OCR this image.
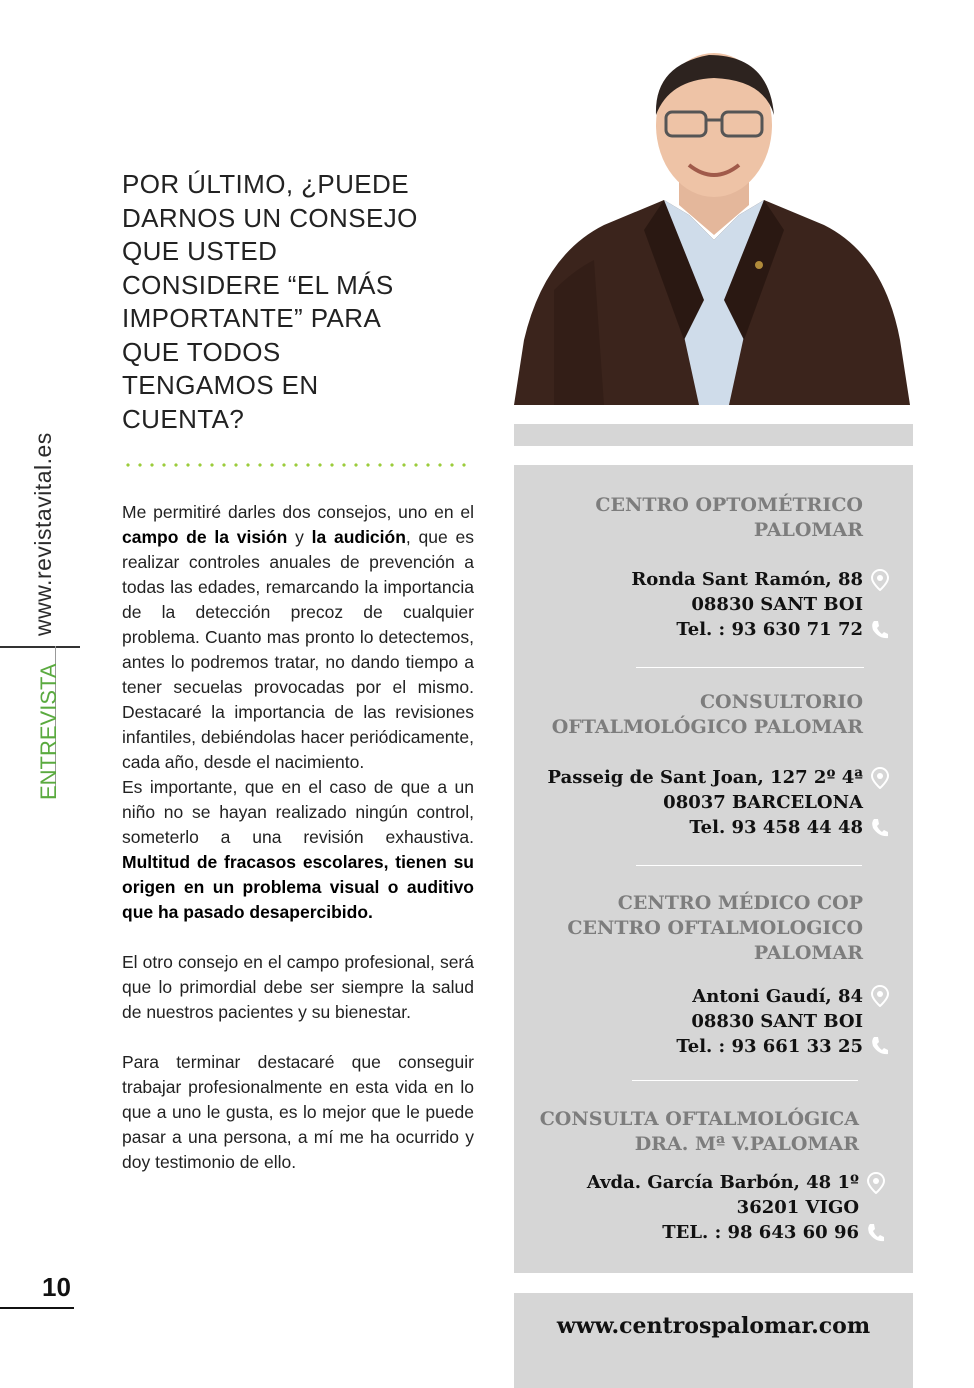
www.revistavital.es
ENTREVISTA
10
POR ÚLTIMO, ¿PUEDE
DARNOS UN CONSEJO
QUE USTED
CONSIDERE “EL MÁS
IMPORTANTE” PARA
QUE TODOS
TENGAMOS EN
CUENTA?

Me permitiré darles dos consejos, uno en el campo de la visión y la audición, que es realizar controles anuales de prevención a todas las edades, remarcando la importancia de la detección precoz de cualquier problema. Cuanto mas pronto lo detectemos, antes lo podremos tratar, no dando tiempo a tener secuelas provocadas por el mismo. Destacaré la importancia de las revisiones infantiles, debiéndolas hacer periódicamente, cada año, desde el nacimiento.

Es importante, que en el caso de que a un niño no se hayan realizado ningún control, someterlo a una revisión exhaustiva. Multitud de fracasos escolares, tienen su origen en un problema visual o auditivo que ha pasado desapercibido.

El otro consejo en el campo profesional, será que lo primordial debe ser siempre la salud de nuestros pacientes y su bienestar.

Para terminar destacaré que conseguir trabajar profesionalmente en esta vida en lo que a uno le gusta, es lo mejor que le puede pasar a una persona, a mí me ha ocurrido y doy testimonio de ello.

CENTRO OPTOMÉTRICO
PALOMAR
Ronda Sant Ramón, 88
08830 SANT BOI
Tel. : 93 630 71 72
CONSULTORIO
OFTALMOLÓGICO PALOMAR
Passeig de Sant Joan, 127 2º 4ª
08037 BARCELONA
Tel. 93 458 44 48
CENTRO MÉDICO COP
CENTRO OFTALMOLOGICO
PALOMAR
Antoni Gaudí, 84
08830 SANT BOI
Tel. : 93 661 33 25
CONSULTA OFTALMOLÓGICA
DRA. Mª V.PALOMAR
Avda. García Barbón, 48 1º
36201 VIGO
TEL. : 98 643 60 96
www.centrospalomar.com
